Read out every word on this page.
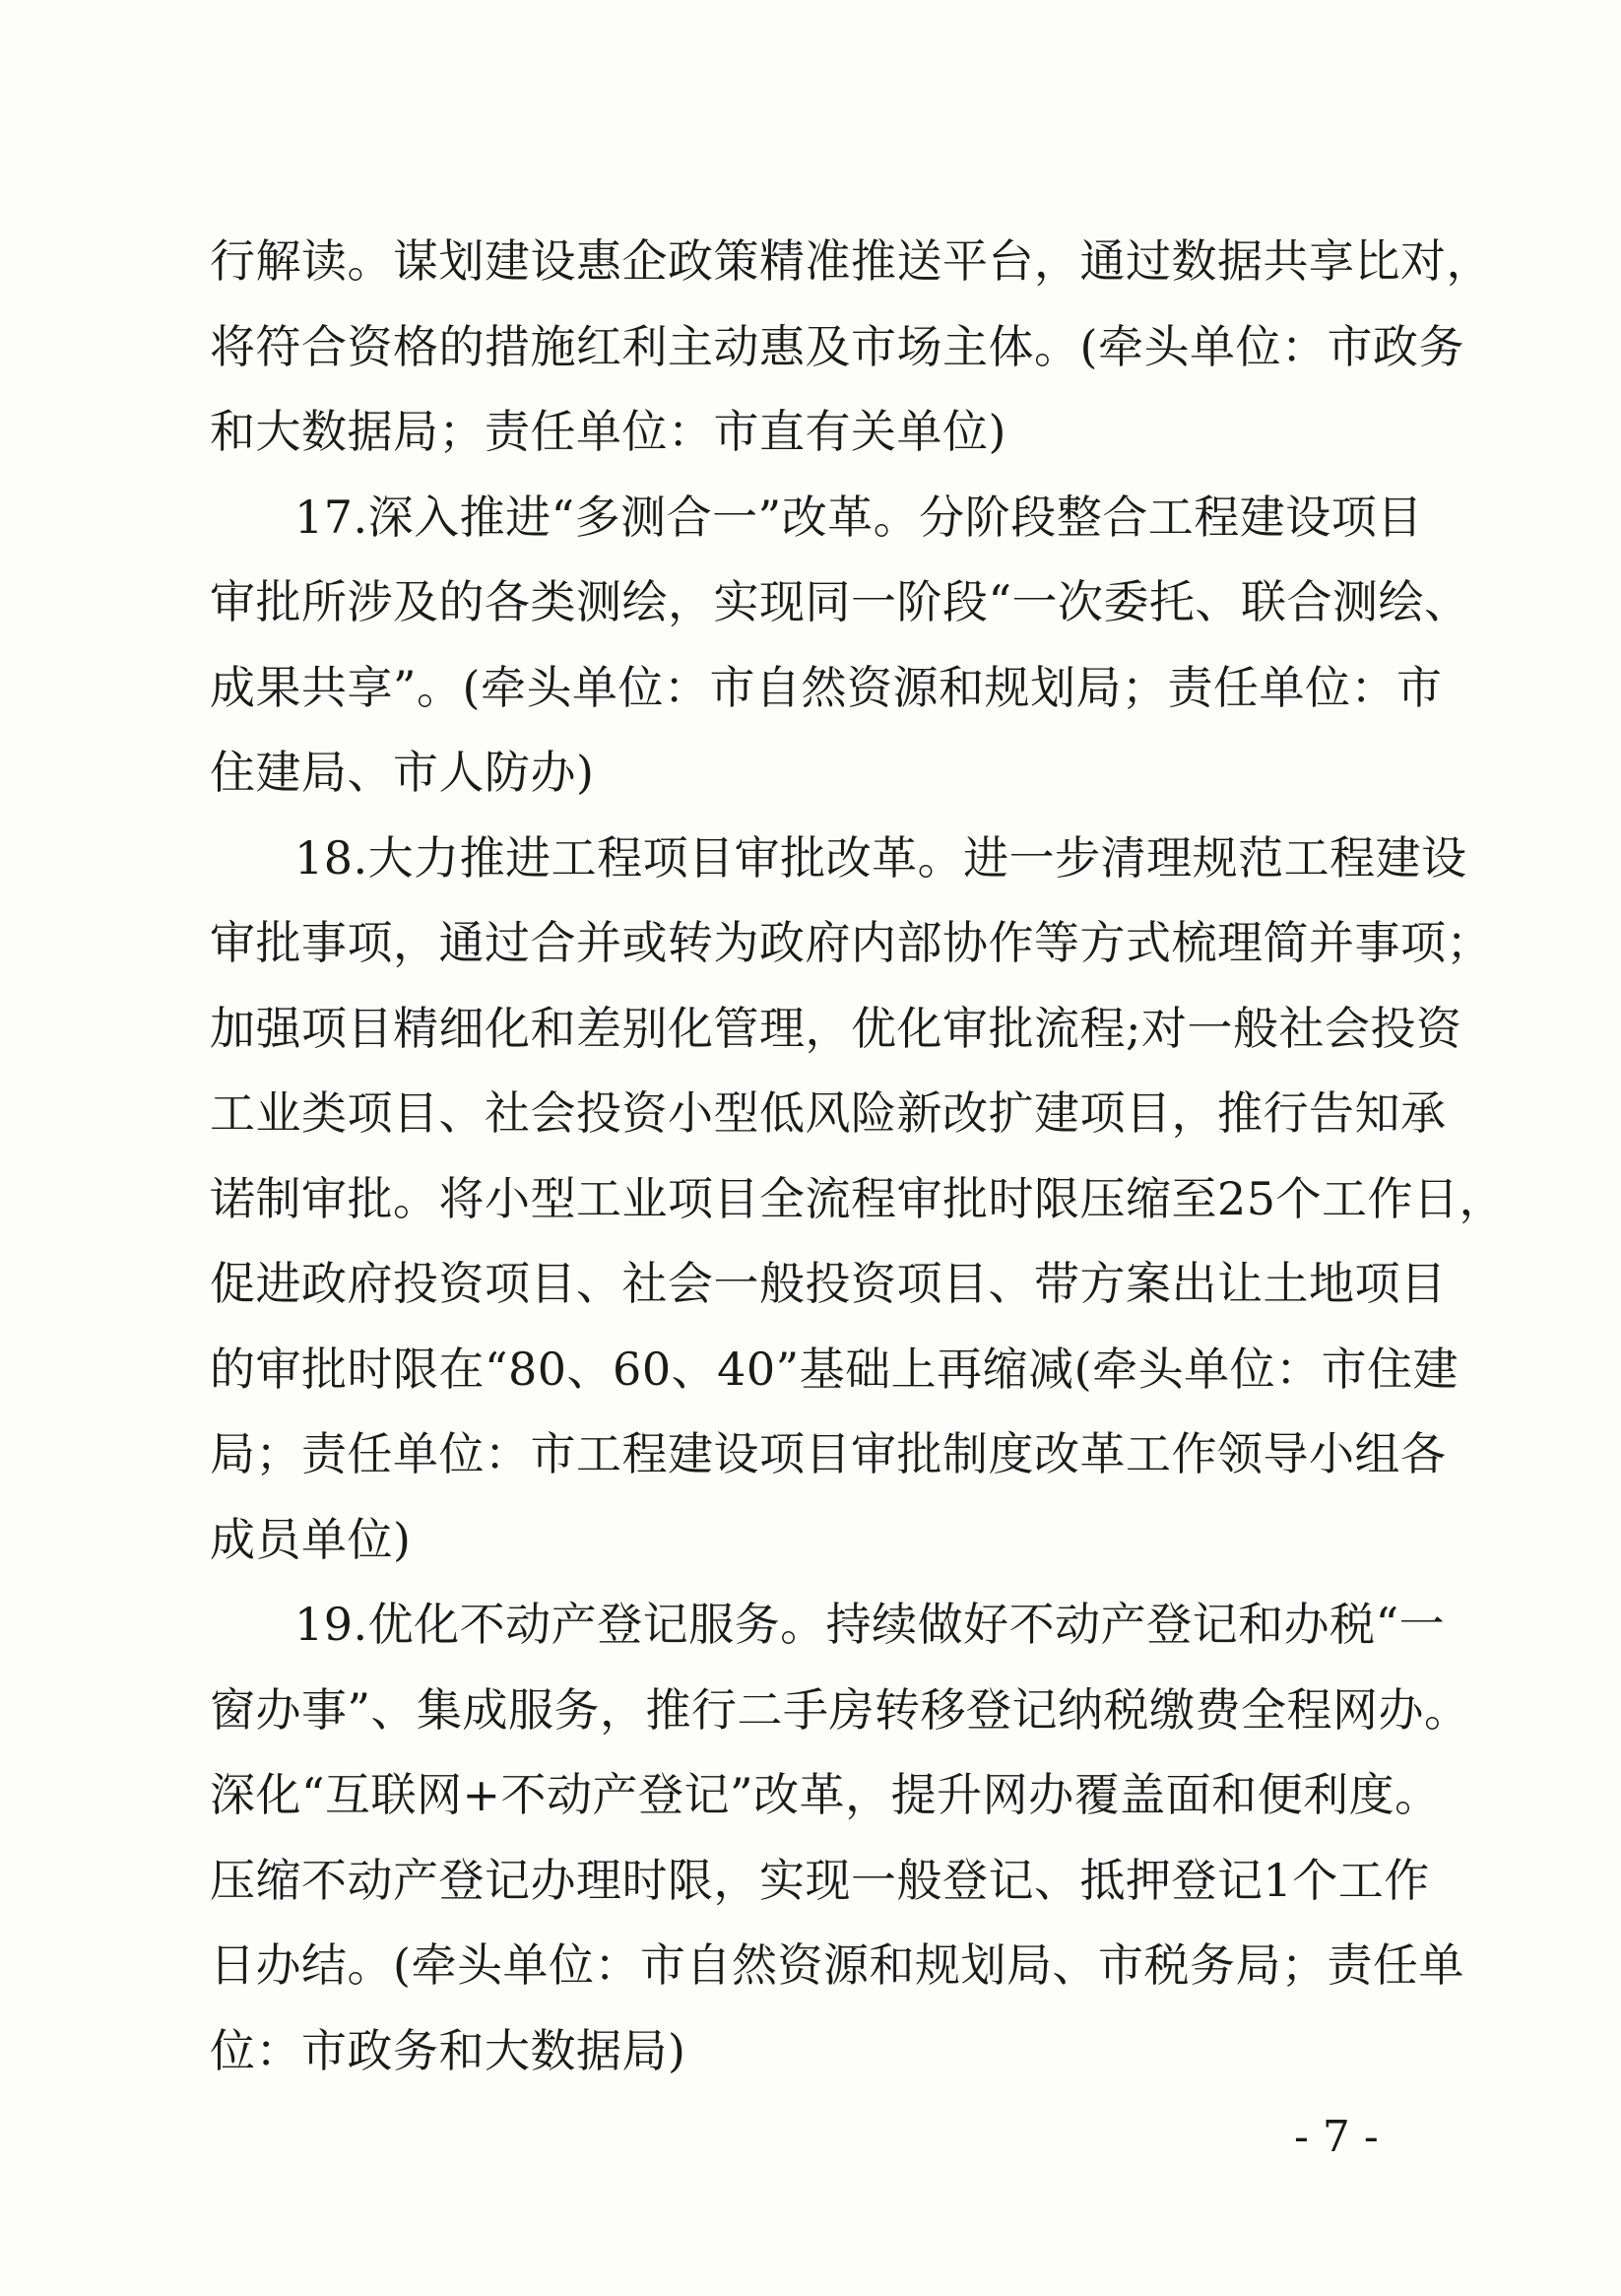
行解读。谋划建设惠企政策精准推送平台，通过数据共享比对，
将符合资格的措施红利主动惠及市场主体。(牵头单位：市政务
和大数据局；责任单位：市直有关单位)
17.深入推进“多测合一”改革。分阶段整合工程建设项目
审批所涉及的各类测绘，实现同一阶段“一次委托、联合测绘、
成果共享”。(牵头单位：市自然资源和规划局；责任单位：市
住建局、市人防办)
18.大力推进工程项目审批改革。进一步清理规范工程建设
审批事项，通过合并或转为政府内部协作等方式梳理简并事项；
加强项目精细化和差别化管理，优化审批流程;对一般社会投资
工业类项目、社会投资小型低风险新改扩建项目，推行告知承
诺制审批。将小型工业项目全流程审批时限压缩至25个工作日，
促进政府投资项目、社会一般投资项目、带方案出让土地项目
的审批时限在“80、60、40”基础上再缩减(牵头单位：市住建
局；责任单位：市工程建设项目审批制度改革工作领导小组各
成员单位)
19.优化不动产登记服务。持续做好不动产登记和办税“一
窗办事”、集成服务，推行二手房转移登记纳税缴费全程网办。
深化“互联网+不动产登记”改革，提升网办覆盖面和便利度。
压缩不动产登记办理时限，实现一般登记、抵押登记1个工作
日办结。(牵头单位：市自然资源和规划局、市税务局；责任单
位：市政务和大数据局)
- 7 -
